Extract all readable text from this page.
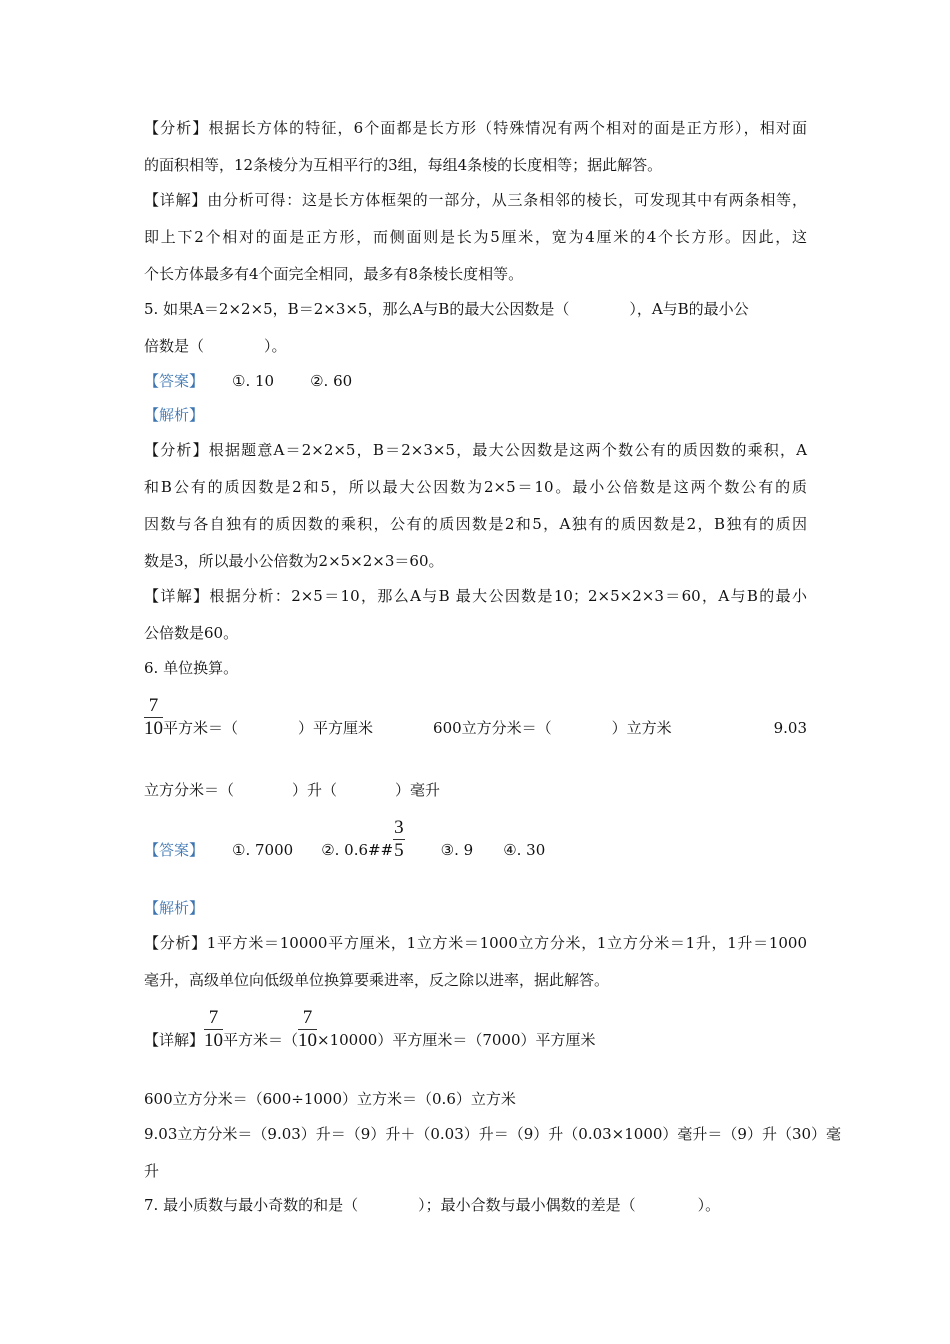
【分析】根据长方体的特征，6个面都是长方形（特殊情况有两个相对的面是正方形），相对面
的面积相等，12条棱分为互相平行的3组，每组4条棱的长度相等；据此解答。
【详解】由分析可得：这是长方体框架的一部分，从三条相邻的棱长，可发现其中有两条相等，
即上下2个相对的面是正方形，而侧面则是长为5厘米，宽为4厘米的4个长方形。因此，这
个长方体最多有4个面完全相同，最多有8条棱长度相等。
5. 如果A＝2×2×5，B＝2×3×5，那么A与B的最大公因数是（	），A与B的最小公
倍数是（	）。
【答案】 ①. 10 ②. 60
【解析】
【分析】根据题意A＝2×2×5，B＝2×3×5，最大公因数是这两个数公有的质因数的乘积，A
和B公有的质因数是2和5，所以最大公因数为2×5＝10。最小公倍数是这两个数公有的质
因数与各自独有的质因数的乘积，公有的质因数是2和5，A独有的质因数是2，B独有的质因
数是3，所以最小公倍数为2×5×2×3＝60。
【详解】根据分析：2×5＝10，那么A与B 最大公因数是10；2×5×2×3＝60，A与B的最小
公倍数是60。
6. 单位换算。
$\frac{7}{10}$ 平方米＝（	）平方厘米	600立方分米＝（	）立方米	9.03
立方分米＝（	）升（	）毫升
【答案】 ①. 7000 ②. 0.6## $\frac{3}{5}$ ③. 9 ④. 30
【解析】
【分析】1平方米＝10000平方厘米，1立方米＝1000立方分米，1立方分米＝1升，1升＝1000
毫升，高级单位向低级单位换算要乘进率，反之除以进率，据此解答。
【详解】 $\frac{7}{10}$ 平方米＝（ $\frac{7}{10} \times 10000$）平方厘米＝（7000）平方厘米
600立方分米＝（600÷1000）立方米＝（0.6）立方米
9.03立方分米＝（9.03）升＝（9）升＋（0.03）升＝（9）升（0.03×1000）毫升＝（9）升（30）毫
升
7. 最小质数与最小奇数的和是（	）；最小合数与最小偶数的差是（	）。
